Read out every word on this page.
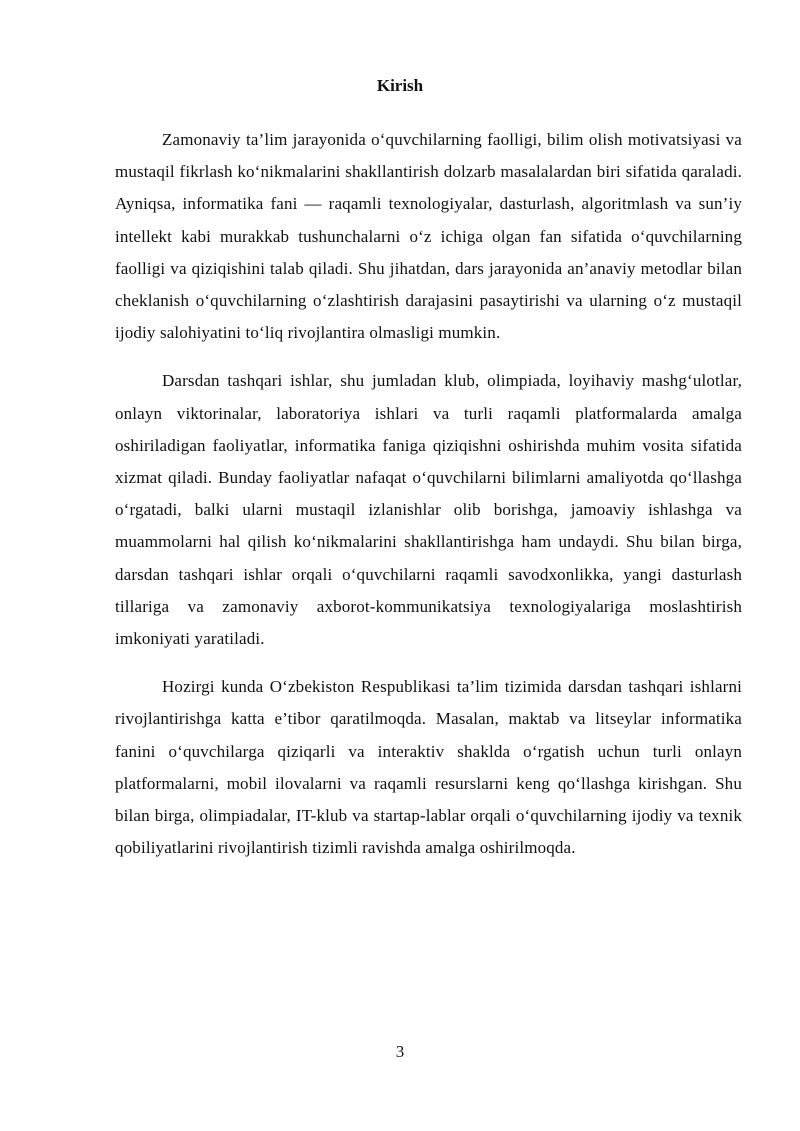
Kirish

Zamonaviy ta’lim jarayonida o‘quvchilarning faolligi, bilim olish motivatsiyasi va mustaqil fikrlash ko‘nikmalarini shakllantirish dolzarb masalalardan biri sifatida qaraladi. Ayniqsa, informatika fani — raqamli texnologiyalar, dasturlash, algoritmlash va sun’iy intellekt kabi murakkab tushunchalarni o‘z ichiga olgan fan sifatida o‘quvchilarning faolligi va qiziqishini talab qiladi. Shu jihatdan, dars jarayonida an’anaviy metodlar bilan cheklanish o‘quvchilarning o‘zlashtirish darajasini pasaytirishi va ularning o‘z mustaqil ijodiy salohiyatini to‘liq rivojlantira olmasligi mumkin.

Darsdan tashqari ishlar, shu jumladan klub, olimpiada, loyihaviy mashg‘ulotlar, onlayn viktorinalar, laboratoriya ishlari va turli raqamli platformalarda amalga oshiriladigan faoliyatlar, informatika faniga qiziqishni oshirishda muhim vosita sifatida xizmat qiladi. Bunday faoliyatlar nafaqat o‘quvchilarni bilimlarni amaliyotda qo‘llashga o‘rgatadi, balki ularni mustaqil izlanishlar olib borishga, jamoaviy ishlashga va muammolarni hal qilish ko‘nikmalarini shakllantirishga ham undaydi. Shu bilan birga, darsdan tashqari ishlar orqali o‘quvchilarni raqamli savodxonlikka, yangi dasturlash tillariga va zamonaviy axborot-kommunikatsiya texnologiyalariga moslashtirish imkoniyati yaratiladi.

Hozirgi kunda O‘zbekiston Respublikasi ta’lim tizimida darsdan tashqari ishlarni rivojlantirishga katta e’tibor qaratilmoqda. Masalan, maktab va litseylar informatika fanini o‘quvchilarga qiziqarli va interaktiv shaklda o‘rgatish uchun turli onlayn platformalarni, mobil ilovalarni va raqamli resurslarni keng qo‘llashga kirishgan. Shu bilan birga, olimpiadalar, IT-klub va startap-lablar orqali o‘quvchilarning ijodiy va texnik qobiliyatlarini rivojlantirish tizimli ravishda amalga oshirilmoqda.

3
